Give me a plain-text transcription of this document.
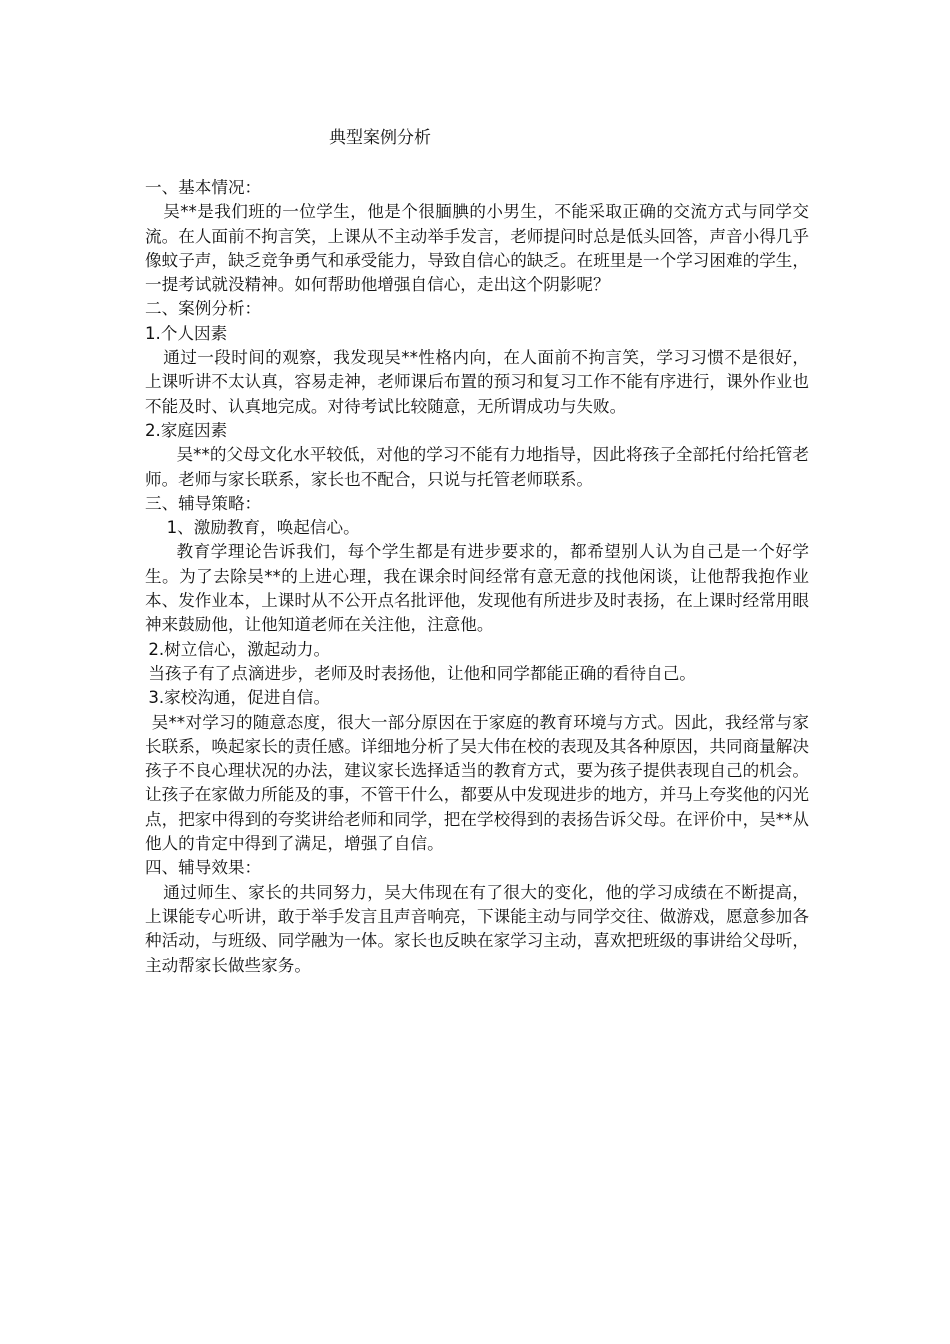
典型案例分析

一、基本情况：

吴**是我们班的一位学生，他是个很腼腆的小男生，不能采取正确的交流方式与同学交流。在人面前不拘言笑，上课从不主动举手发言，老师提问时总是低头回答，声音小得几乎像蚊子声，缺乏竞争勇气和承受能力，导致自信心的缺乏。在班里是一个学习困难的学生，一提考试就没精神。如何帮助他增强自信心，走出这个阴影呢？

二、案例分析：

1.个人因素

通过一段时间的观察，我发现吴**性格内向，在人面前不拘言笑，学习习惯不是很好，上课听讲不太认真，容易走神，老师课后布置的预习和复习工作不能有序进行，课外作业也不能及时、认真地完成。对待考试比较随意，无所谓成功与失败。

2.家庭因素

吴**的父母文化水平较低，对他的学习不能有力地指导，因此将孩子全部托付给托管老师。老师与家长联系，家长也不配合，只说与托管老师联系。

三、辅导策略：

1、激励教育，唤起信心。

教育学理论告诉我们，每个学生都是有进步要求的，都希望别人认为自己是一个好学生。为了去除吴**的上进心理，我在课余时间经常有意无意的找他闲谈，让他帮我抱作业本、发作业本，上课时从不公开点名批评他，发现他有所进步及时表扬，在上课时经常用眼神来鼓励他，让他知道老师在关注他，注意他。

2.树立信心，激起动力。

当孩子有了点滴进步，老师及时表扬他，让他和同学都能正确的看待自己。

3.家校沟通，促进自信。

吴**对学习的随意态度，很大一部分原因在于家庭的教育环境与方式。因此，我经常与家长联系，唤起家长的责任感。详细地分析了吴大伟在校的表现及其各种原因，共同商量解决孩子不良心理状况的办法，建议家长选择适当的教育方式，要为孩子提供表现自己的机会。让孩子在家做力所能及的事，不管干什么，都要从中发现进步的地方，并马上夸奖他的闪光点，把家中得到的夸奖讲给老师和同学，把在学校得到的表扬告诉父母。在评价中，吴**从他人的肯定中得到了满足，增强了自信。

四、辅导效果：

通过师生、家长的共同努力，吴大伟现在有了很大的变化，他的学习成绩在不断提高，上课能专心听讲，敢于举手发言且声音响亮，下课能主动与同学交往、做游戏，愿意参加各种活动，与班级、同学融为一体。家长也反映在家学习主动，喜欢把班级的事讲给父母听，主动帮家长做些家务。
